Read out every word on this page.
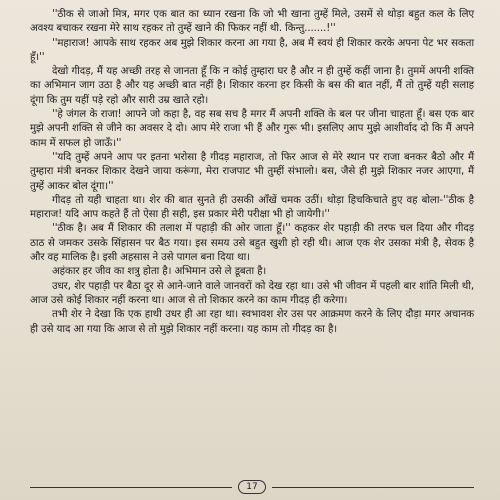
''ठीक से जाओ मित्र, मगर एक बात का ध्यान रखना कि जो भी खाना तुम्हें मिले, उसमें से थोड़ा बहुत कल के लिए अवश्य बचाकर रखना मेरे साथ रहकर तो तुम्हें खाने की फिकर नहीं थी. किन्तु.......!''

''महाराज! आपके साथ रहकर अब मुझे शिकार करना आ गया है, अब मैं स्वयं ही शिकार करके अपना पेट भर सकता हूँ।''

देखो गीदड़, मैं यह अच्छी तरह से जानता हूँ कि न कोई तुम्हारा घर है और न ही तुम्हें कहीं जाना है। तुममें अपनी शक्ति का अभिमान जाग उठा है और यह अच्छी बात नहीं है। शिकार करना हर किसी के बस की बात नहीं, मैं तो तुम्हें यही सलाह दूंगा कि तुम यहीं पड़े रहो और सारी उम्र खाते रहो।

''हे जंगल के राजा! आपने जो कहा है, वह सब सच है मगर मैं अपनी शक्ति के बल पर जीना चाहता हूँ। बस एक बार मुझे अपनी शक्ति से जीने का अवसर दे दो। आप मेरे राजा भी हैं और गुरू भी। इसलिए आप मुझे आशीर्वाद दो कि मैं अपने काम में सफल हो जाऊँ।''

''यदि तुम्हें अपने आप पर इतना भरोसा है गीदड़ महाराज, तो फिर आज से मेरे स्थान पर राजा बनकर बैठो और मैं तुम्हारा मंत्री बनकर शिकार देखने जाया करूंगा, मेरा राजपाट भी तुम्हीं संभालो। बस, जैसे ही मुझे शिकार नजर आएगा, मैं तुम्हें आकर बोल दूंगा।''

गीदड़ तो यही चाहता था। शेर की बात सुनते ही उसकी आँखें चमक उठीं। थोड़ा हिचकिचाते हुए वह बोला-''ठीक है महाराज! यदि आप कहते हैं तो ऐसा ही सही, इस प्रकार मेरी परीक्षा भी हो जायेगी।''

''ठीक है। अब मैं शिकार की तलाश में पहाड़ी की ओर जाता हूँ।'' कहकर शेर पहाड़ी की तरफ चल दिया और गीदड़ ठाठ से जमकर उसके सिंहासन पर बैठ गया। इस समय उसे बहुत खुशी हो रही थी। आज एक शेर उसका मंत्री है, सेवक है और वह मालिक है। इसी अहसास ने उसे पागल बना दिया था।

अहंकार हर जीव का शत्रु होता है। अभिमान उसे ले डूबता है।

उधर, शेर पहाड़ी पर बैठा दूर से आने-जाने वाले जानवरों को देख रहा था। उसे भी जीवन में पहली बार शांति मिली थी, आज उसे कोई शिकार नहीं करना था। आज से तो शिकार करने का काम गीदड़ ही करेगा।

तभी शेर ने देखा कि एक हाथी उधर ही आ रहा था। स्वभावश शेर उस पर आक्रमण करने के लिए दौड़ा मगर अचानक ही उसे याद आ गया कि आज से तो मुझे शिकार नहीं करना। यह काम तो गीदड़ का है।

17
